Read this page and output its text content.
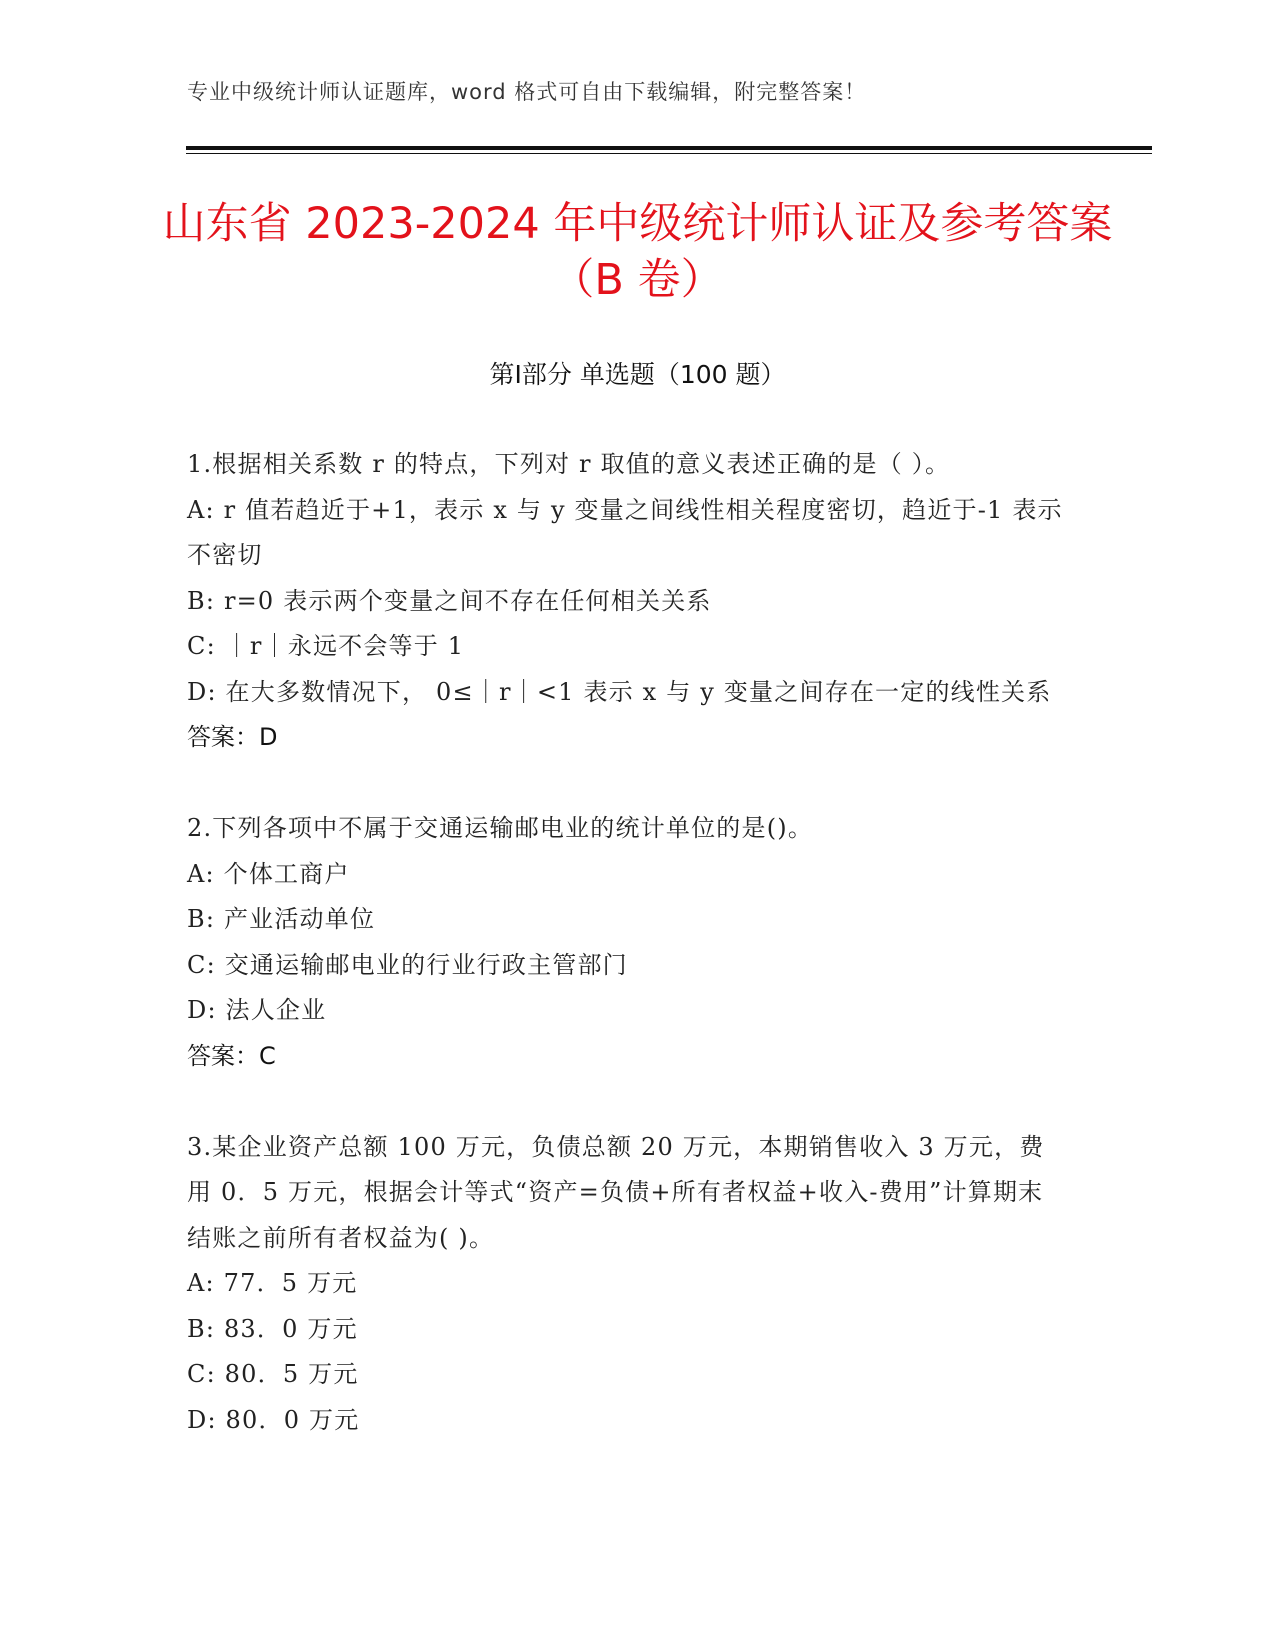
专业中级统计师认证题库，word 格式可自由下载编辑，附完整答案！
山东省 2023-2024 年中级统计师认证及参考答案（B 卷）
第Ⅰ部分 单选题（100 题）

1.根据相关系数 r 的特点，下列对 r 取值的意义表述正确的是（ ）。

A: r 值若趋近于+1，表示 x 与 y 变量之间线性相关程度密切，趋近于-1 表示不密切

B: r=0 表示两个变量之间不存在任何相关关系

C: ｜r｜永远不会等于 1

D: 在大多数情况下， 0≤｜r｜<1 表示 x 与 y 变量之间存在一定的线性关系

答案：D

2.下列各项中不属于交通运输邮电业的统计单位的是()。

A: 个体工商户

B: 产业活动单位

C: 交通运输邮电业的行业行政主管部门

D: 法人企业

答案：C

3.某企业资产总额 100 万元，负债总额 20 万元，本期销售收入 3 万元，费用 0．5 万元，根据会计等式“资产=负债+所有者权益+收入-费用”计算期末结账之前所有者权益为( )。

A: 77．5 万元

B: 83．0 万元

C: 80．5 万元

D: 80．0 万元
